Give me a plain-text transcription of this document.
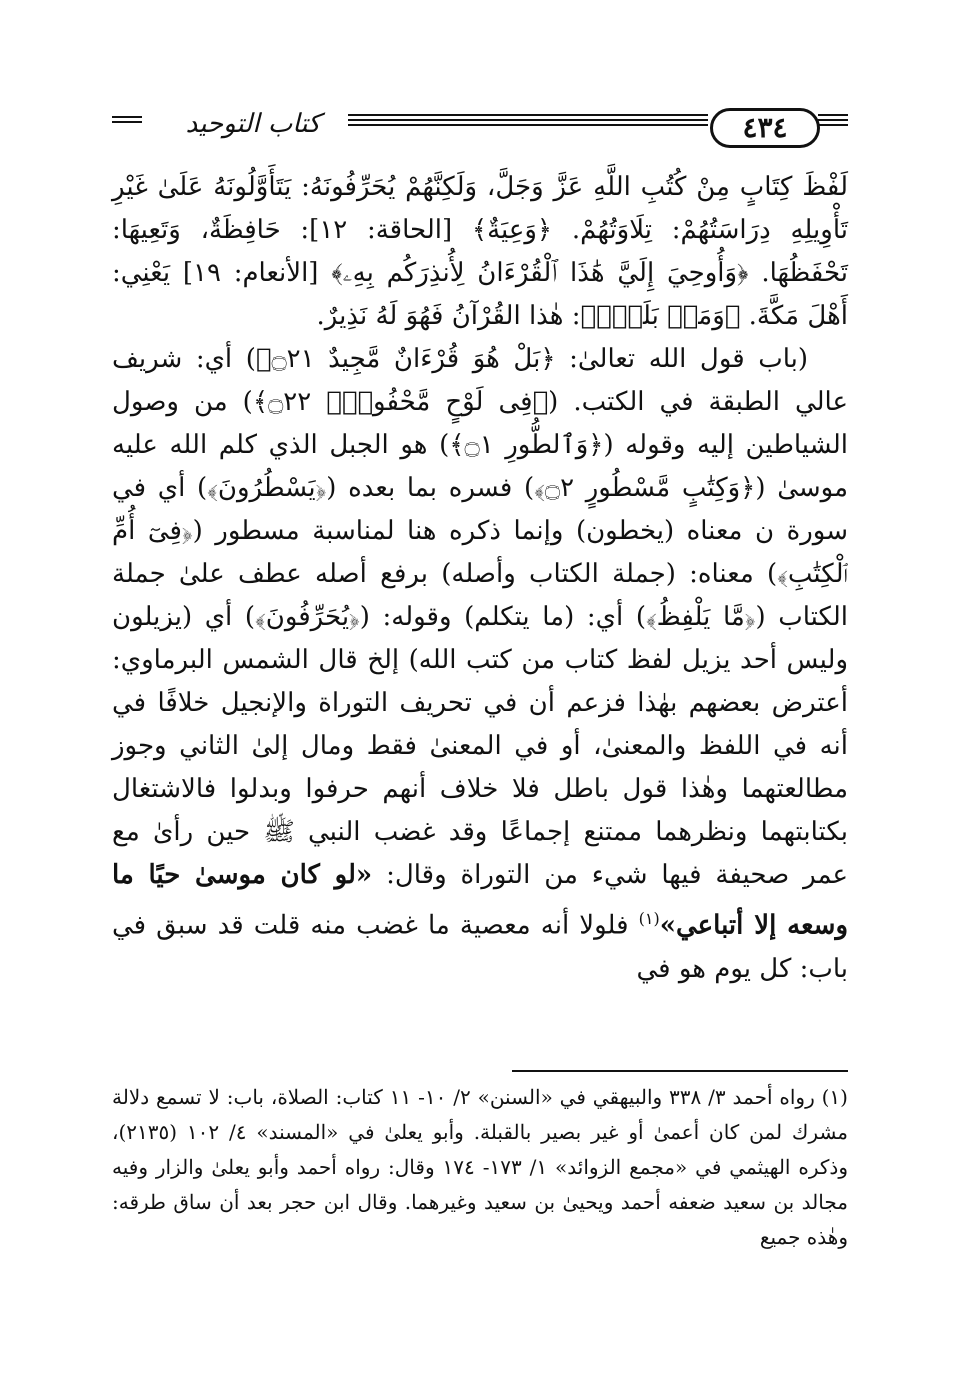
كتاب التوحيد	٤٣٤

لَفْظَ كِتَابٍ مِنْ كُتُبِ اللَّهِ عَزَّ وَجَلَّ، وَلَكِنَّهُمْ يُحَرِّفُونَهُ: يَتَأَوَّلُونَهُ عَلَىٰ غَيْرِ تَأْوِيلِهِ دِرَاسَتُهُمْ: تِلَاوَتُهُمْ. ﴿وَعِيَةٌ﴾ [الحاقة: ١٢]: حَافِظَةٌ، وَتَعِيهَا: تَحْفَظُهَا. ﴿وَأُوحِيَ إِلَيَّ هَٰذَا ٱلْقُرْءَانُ لِأُنذِرَكُم بِهِۦ﴾ [الأنعام: ١٩] يَعْنِي: أَهْلَ مَكَّةَ. ﴿وَمَنۢ بَلَغَۚ﴾: هٰذا القُرْآنُ فَهُوَ لَهُ نَذِيرٌ.

(باب قول الله تعالىٰ: ﴿بَلْ هُوَ قُرْءَانٌ مَّجِيدٌ ۝٢١﴾) أي: شريف عالي الطبقة في الكتب. (﴿فِى لَوْحٍ مَّحْفُوظٍۭ ۝٢٢﴾) من وصول الشياطين إليه وقوله (﴿وَٱلطُّورِ ۝١﴾) هو الجبل الذي كلم الله عليه موسىٰ (﴿وَكِتَٰبٍ مَّسْطُورٍ ۝٢﴾) فسره بما بعده (﴿يَسْطُرُونَ﴾) أي في سورة ن معناه (يخطون) وإنما ذكره هنا لمناسبة مسطور (﴿فِىٓ أُمِّ ٱلْكِتَٰبِ﴾) معناه: (جملة الكتاب وأصله) برفع أصله عطف علىٰ جملة الكتاب (﴿مَّا يَلْفِظُ﴾) أي: (ما يتكلم) وقوله: (﴿يُحَرِّفُونَ﴾) أي (يزيلون وليس أحد يزيل لفظ كتاب من كتب الله) إلخ قال الشمس البرماوي: أعترض بعضهم بهٰذا فزعم أن في تحريف التوراة والإنجيل خلافًا في أنه في اللفظ والمعنىٰ، أو في المعنىٰ فقط ومال إلىٰ الثاني وجوز مطالعتهما وهٰذا قول باطل فلا خلاف أنهم حرفوا وبدلوا فالاشتغال بكتابتهما ونظرهما ممتنع إجماعًا وقد غضب النبي ﷺ حين رأىٰ مع عمر صحيفة فيها شيء من التوراة وقال: «لو كان موسىٰ حيًا ما وسعه إلا أتباعي»$^{(١)}$ فلولا أنه معصية ما غضب منه قلت قد سبق في باب: كل يوم هو في

(١) رواه أحمد ٣/ ٣٣٨ والبيهقي في «السنن» ٢/ ١٠- ١١ كتاب: الصلاة، باب: لا تسمع دلالة مشرك لمن كان أعمىٰ أو غير بصير بالقبلة. وأبو يعلىٰ في «المسند» ٤/ ١٠٢ (٢١٣٥)، وذكره الهيثمي في «مجمع الزوائد» ١/ ١٧٣- ١٧٤ وقال: رواه أحمد وأبو يعلىٰ والزار وفيه مجالد بن سعيد ضعفه أحمد ويحيىٰ بن سعيد وغيرهما. وقال ابن حجر بعد أن ساق طرقه: وهٰذه جميع
